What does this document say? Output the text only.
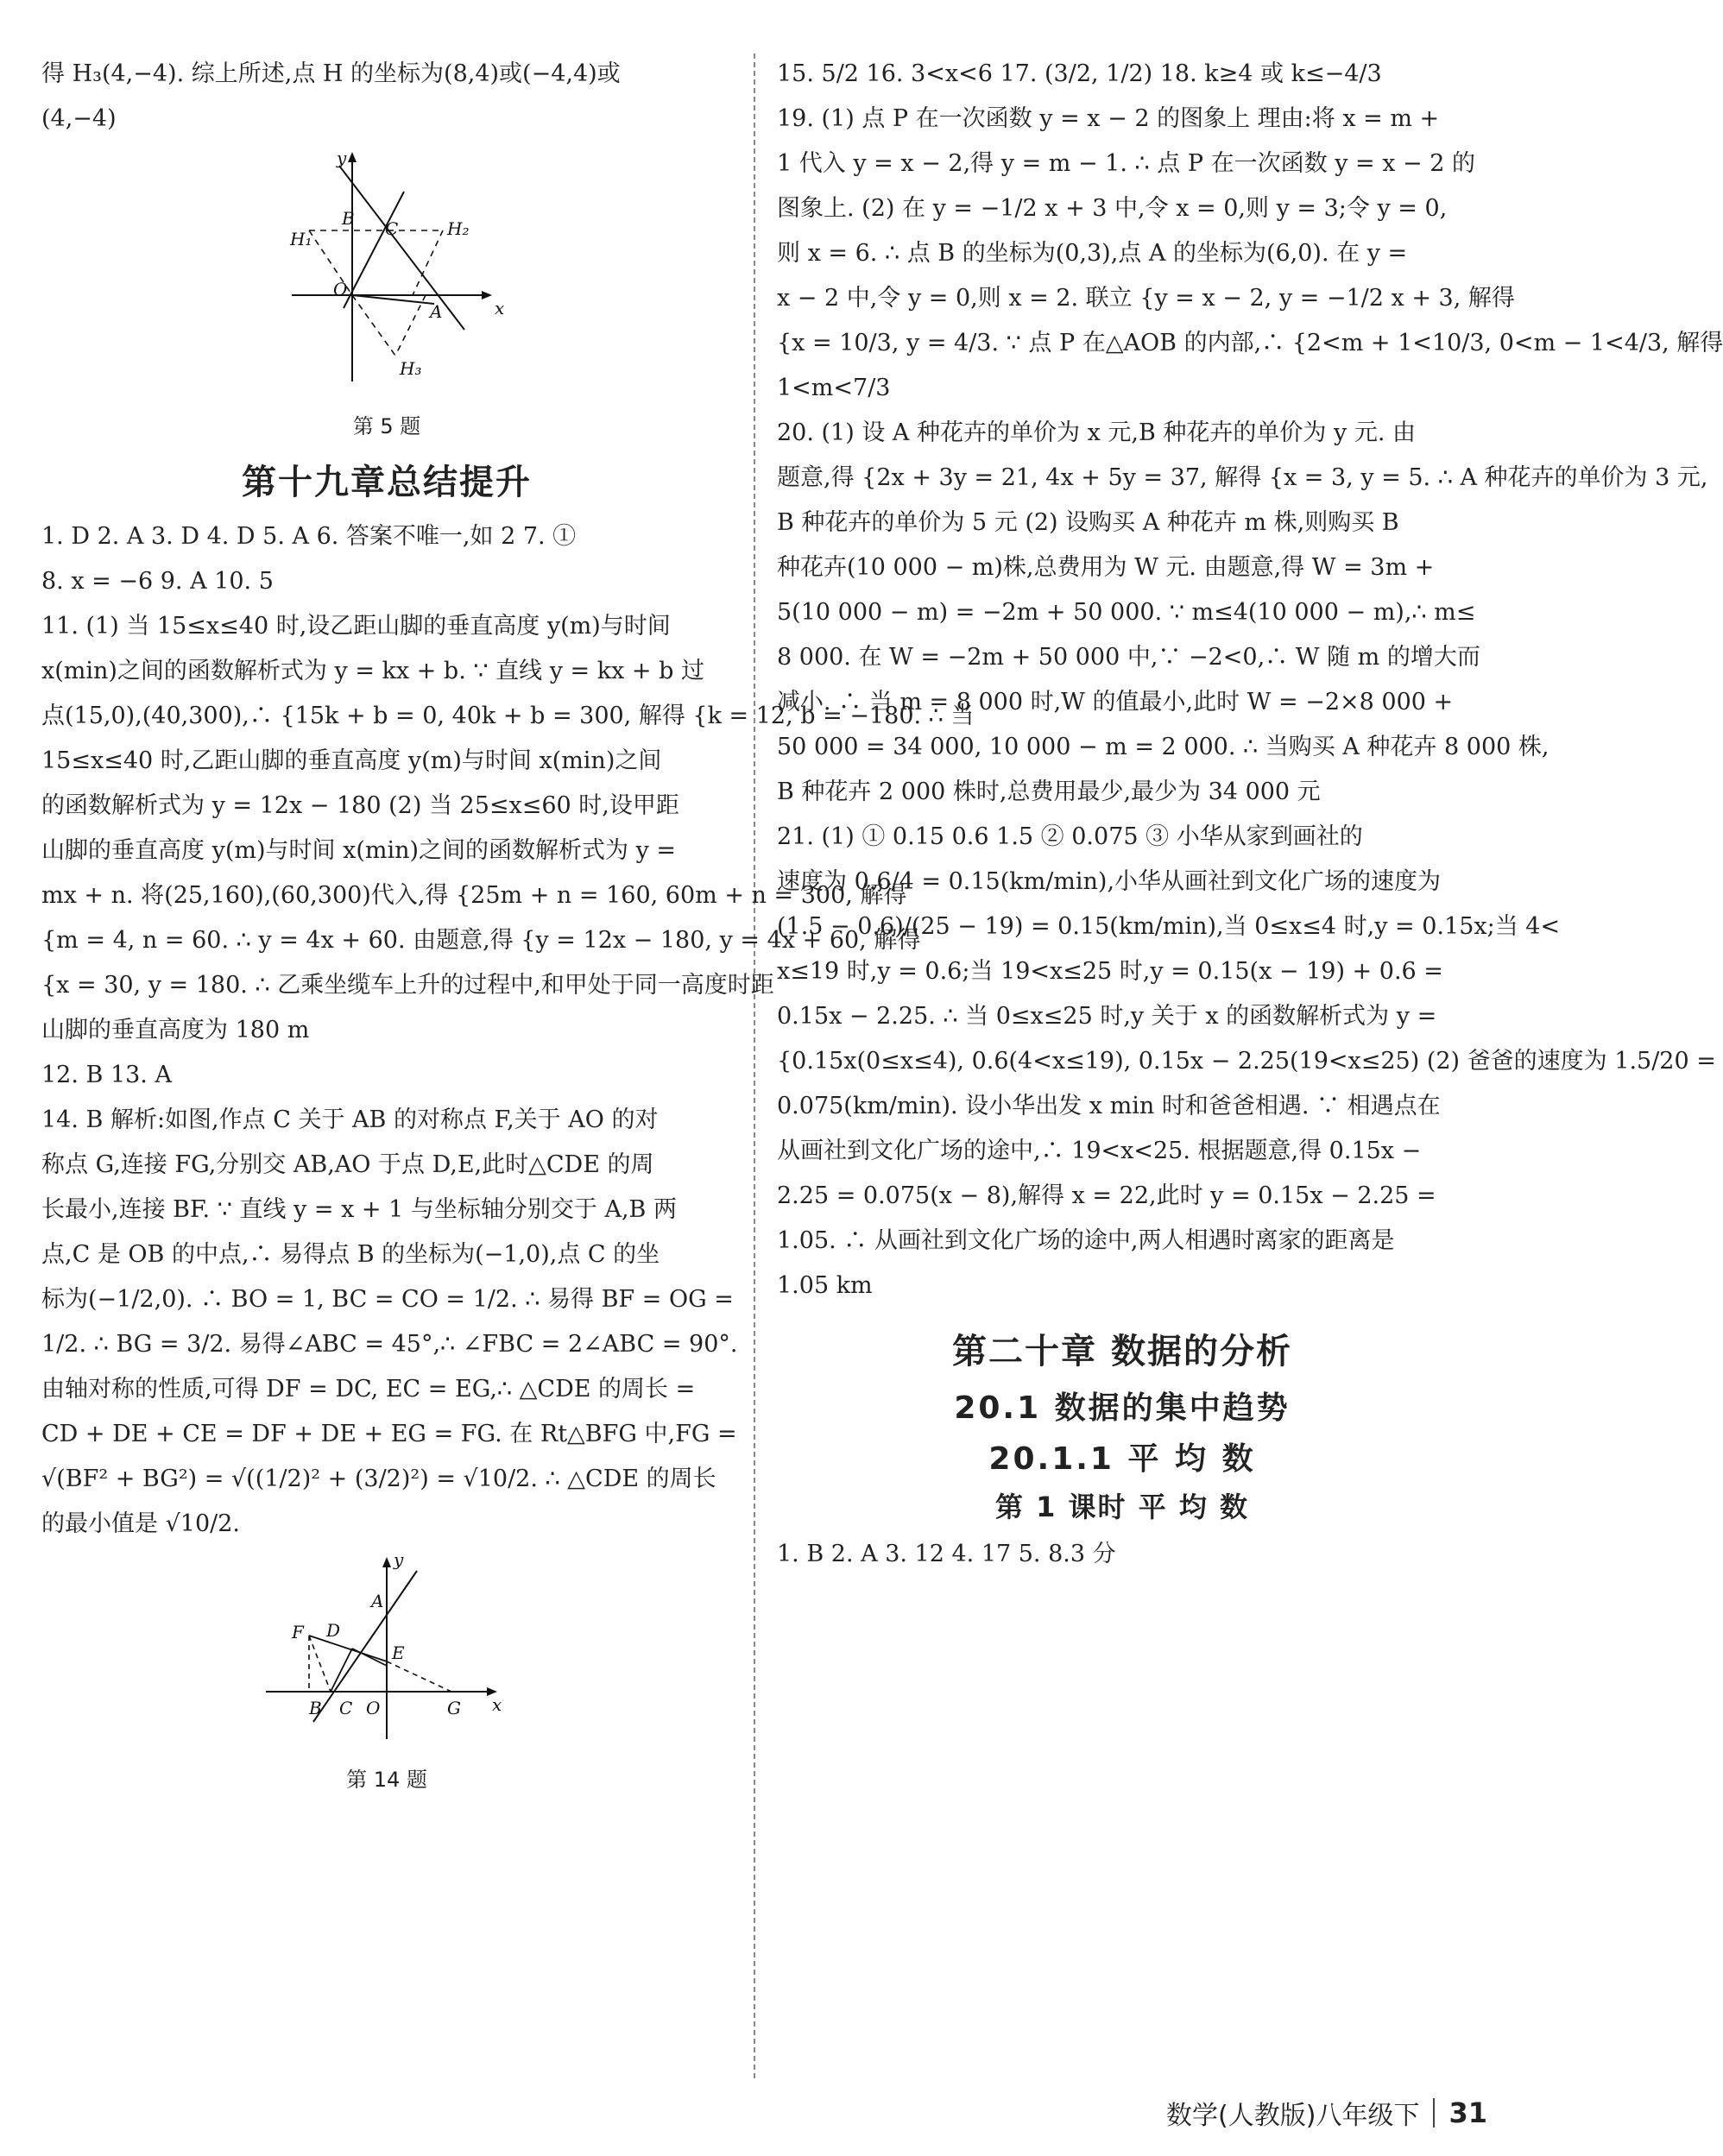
得 H₃(4,−4). 综上所述,点 H 的坐标为(8,4)或(−4,4)或

(4,−4)

y
x
B C
H₁	H₂
O
A
H₃
第 5 题
第十九章总结提升

1. D 2. A 3. D 4. D 5. A 6. 答案不唯一,如 2 7. ①

8. x = −6 9. A 10. 5

11. (1) 当 15≤x≤40 时,设乙距山脚的垂直高度 y(m)与时间

x(min)之间的函数解析式为 y = kx + b. ∵ 直线 y = kx + b 过

点(15,0),(40,300),∴ {15k + b = 0, 40k + b = 300, 解得 {k = 12, b = −180. ∴ 当

15≤x≤40 时,乙距山脚的垂直高度 y(m)与时间 x(min)之间

的函数解析式为 y = 12x − 180 (2) 当 25≤x≤60 时,设甲距

山脚的垂直高度 y(m)与时间 x(min)之间的函数解析式为 y =

mx + n. 将(25,160),(60,300)代入,得 {25m + n = 160, 60m + n = 300, 解得

{m = 4, n = 60. ∴ y = 4x + 60. 由题意,得 {y = 12x − 180, y = 4x + 60, 解得

{x = 30, y = 180. ∴ 乙乘坐缆车上升的过程中,和甲处于同一高度时距

山脚的垂直高度为 180 m

12. B 13. A

14. B 解析:如图,作点 C 关于 AB 的对称点 F,关于 AO 的对

称点 G,连接 FG,分别交 AB,AO 于点 D,E,此时△CDE 的周

长最小,连接 BF. ∵ 直线 y = x + 1 与坐标轴分别交于 A,B 两

点,C 是 OB 的中点,∴ 易得点 B 的坐标为(−1,0),点 C 的坐

标为(−1/2,0). ∴ BO = 1, BC = CO = 1/2. ∴ 易得 BF = OG =

1/2. ∴ BG = 3/2. 易得∠ABC = 45°,∴ ∠FBC = 2∠ABC = 90°.

由轴对称的性质,可得 DF = DC, EC = EG,∴ △CDE 的周长 =

CD + DE + CE = DF + DE + EG = FG. 在 Rt△BFG 中,FG =

√(BF² + BG²) = √((1/2)² + (3/2)²) = √10/2. ∴ △CDE 的周长

的最小值是 √10/2.

y
x
A
F D
E
B C O	G
第 14 题

15. 5/2 16. 3<x<6 17. (3/2, 1/2) 18. k≥4 或 k≤−4/3

19. (1) 点 P 在一次函数 y = x − 2 的图象上 理由:将 x = m +

1 代入 y = x − 2,得 y = m − 1. ∴ 点 P 在一次函数 y = x − 2 的

图象上. (2) 在 y = −1/2 x + 3 中,令 x = 0,则 y = 3;令 y = 0,

则 x = 6. ∴ 点 B 的坐标为(0,3),点 A 的坐标为(6,0). 在 y =

x − 2 中,令 y = 0,则 x = 2. 联立 {y = x − 2, y = −1/2 x + 3, 解得

{x = 10/3, y = 4/3. ∵ 点 P 在△AOB 的内部,∴ {2<m + 1<10/3, 0<m − 1<4/3, 解得

1<m<7/3

20. (1) 设 A 种花卉的单价为 x 元,B 种花卉的单价为 y 元. 由

题意,得 {2x + 3y = 21, 4x + 5y = 37, 解得 {x = 3, y = 5. ∴ A 种花卉的单价为 3 元,

B 种花卉的单价为 5 元 (2) 设购买 A 种花卉 m 株,则购买 B

种花卉(10 000 − m)株,总费用为 W 元. 由题意,得 W = 3m +

5(10 000 − m) = −2m + 50 000. ∵ m≤4(10 000 − m),∴ m≤

8 000. 在 W = −2m + 50 000 中,∵ −2<0,∴ W 随 m 的增大而

减小. ∴ 当 m = 8 000 时,W 的值最小,此时 W = −2×8 000 +

50 000 = 34 000, 10 000 − m = 2 000. ∴ 当购买 A 种花卉 8 000 株,

B 种花卉 2 000 株时,总费用最少,最少为 34 000 元

21. (1) ① 0.15 0.6 1.5 ② 0.075 ③ 小华从家到画社的

速度为 0.6/4 = 0.15(km/min),小华从画社到文化广场的速度为

(1.5 − 0.6)/(25 − 19) = 0.15(km/min),当 0≤x≤4 时,y = 0.15x;当 4<

x≤19 时,y = 0.6;当 19<x≤25 时,y = 0.15(x − 19) + 0.6 =

0.15x − 2.25. ∴ 当 0≤x≤25 时,y 关于 x 的函数解析式为 y =

{0.15x(0≤x≤4), 0.6(4<x≤19), 0.15x − 2.25(19<x≤25) (2) 爸爸的速度为 1.5/20 =

0.075(km/min). 设小华出发 x min 时和爸爸相遇. ∵ 相遇点在

从画社到文化广场的途中,∴ 19<x<25. 根据题意,得 0.15x −

2.25 = 0.075(x − 8),解得 x = 22,此时 y = 0.15x − 2.25 =

1.05. ∴ 从画社到文化广场的途中,两人相遇时离家的距离是

1.05 km

第二十章 数据的分析
20.1 数据的集中趋势
20.1.1 平 均 数
第 1 课时 平 均 数

1. B 2. A 3. 12 4. 17 5. 8.3 分

数学(人教版)八年级下 31
